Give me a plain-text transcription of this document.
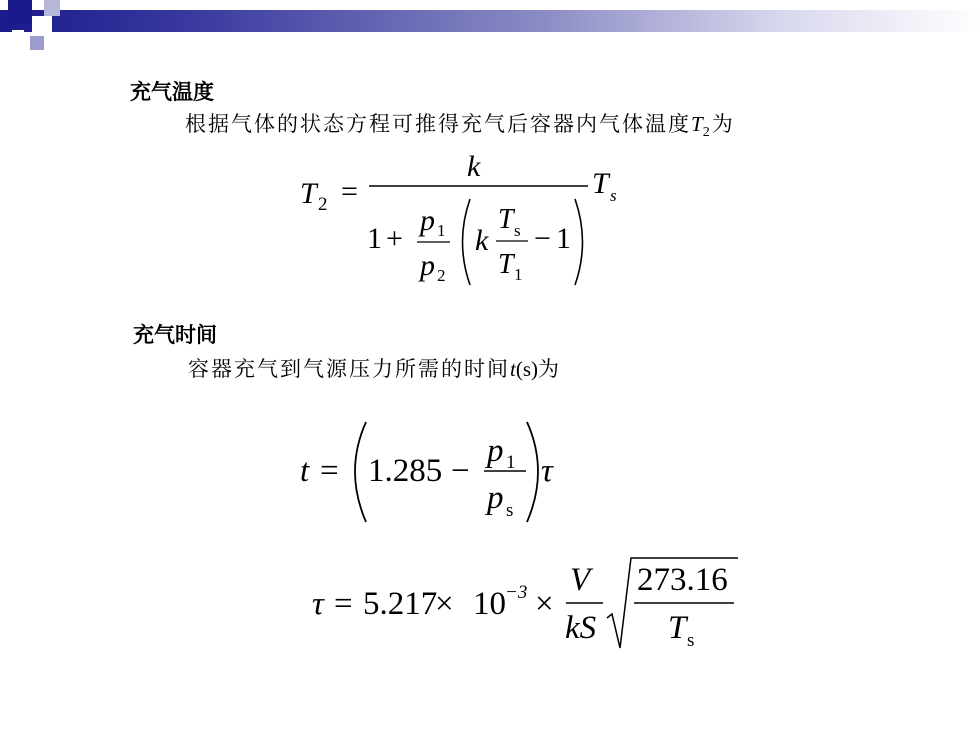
充气温度
根据气体的状态方程可推得充气后容器内气体温度$T_2$为
T 2 =
k
T s
1 +
p 1
p 2
k
T s
T 1
− 1
充气时间
容器充气到气源压力所需的时间t(s)为
t = 1.285 −
p 1
p s
τ
τ = 5.217
× 10 −3 ×
V
kS
273.16
T s
